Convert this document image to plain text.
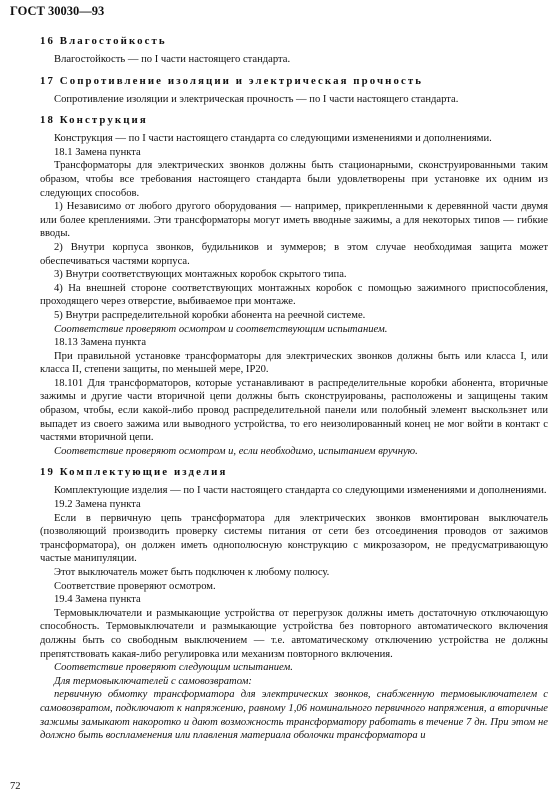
ГОСТ 30030—93
16 Влагостойкость

Влагостойкость — по I части настоящего стандарта.

17 Сопротивление изоляции и электрическая прочность

Сопротивление изоляции и электрическая прочность — по I части настоящего стандарта.

18 Конструкция

Конструкция — по I части настоящего стандарта со следующими изменениями и дополнениями.

18.1 Замена пункта

Трансформаторы для электрических звонков должны быть стационарными, сконструированными таким образом, чтобы все требования настоящего стандарта были удовлетворены при установке их одним из следующих способов.

1) Независимо от любого другого оборудования — например, прикрепленными к деревянной части двумя или более креплениями. Эти трансформаторы могут иметь вводные зажимы, а для некоторых типов — гибкие вводы.

2) Внутри корпуса звонков, будильников и зуммеров; в этом случае необходимая защита может обеспечиваться частями корпуса.

3) Внутри соответствующих монтажных коробок скрытого типа.

4) На внешней стороне соответствующих монтажных коробок с помощью зажимного приспособления, проходящего через отверстие, выбиваемое при монтаже.

5) Внутри распределительной коробки абонента на реечной системе.

Соответствие проверяют осмотром и соответствующим испытанием.

18.13 Замена пункта

При правильной установке трансформаторы для электрических звонков должны быть или класса I, или класса II, степени защиты, по меньшей мере, IP20.

18.101 Для трансформаторов, которые устанавливают в распределительные коробки абонента, вторичные зажимы и другие части вторичной цепи должны быть сконструированы, расположены и защищены таким образом, чтобы, если какой-либо провод распределительной панели или полобный элемент выскользнет или выпадет из своего зажима или выводного устройства, то его неизолированный конец не мог войти в контакт с частями вторичной цепи.

Соответствие проверяют осмотром и, если необходимо, испытанием вручную.

19 Комплектующие изделия

Комплектующие изделия — по I части настоящего стандарта со следующими изменениями и дополнениями.

19.2 Замена пункта

Если в первичную цепь трансформатора для электрических звонков вмонтирован выключатель (позволяющий производить проверку системы питания от сети без отсоединения проводов от зажимов трансформатора), он должен иметь однополюсную конструкцию с микрозазором, не предусматривающую частые манипуляции.

Этот выключатель может быть подключен к любому полюсу.

Соответствие проверяют осмотром.

19.4 Замена пункта

Термовыключатели и размыкающие устройства от перегрузок должны иметь достаточную отключающую способность. Термовыключатели и размыкающие устройства без повторного автоматического включения должны быть со свободным выключением — т.е. автоматическому отключению устройства не должны препятствовать какая-либо регулировка или механизм повторного включения.

Соответствие проверяют следующим испытанием.

Для термовыключателей с самовозвратом:

первичную обмотку трансформатора для электрических звонков, снабженную термовыключателем с самовозвратом, подключают к напряжению, равному 1,06 номинального первичного напряжения, а вторичные зажимы замыкают накоротко и дают возможность трансформатору работать в течение 7 дн. При этом не должно быть воспламенения или плавления материала оболочки трансформатора и

72
